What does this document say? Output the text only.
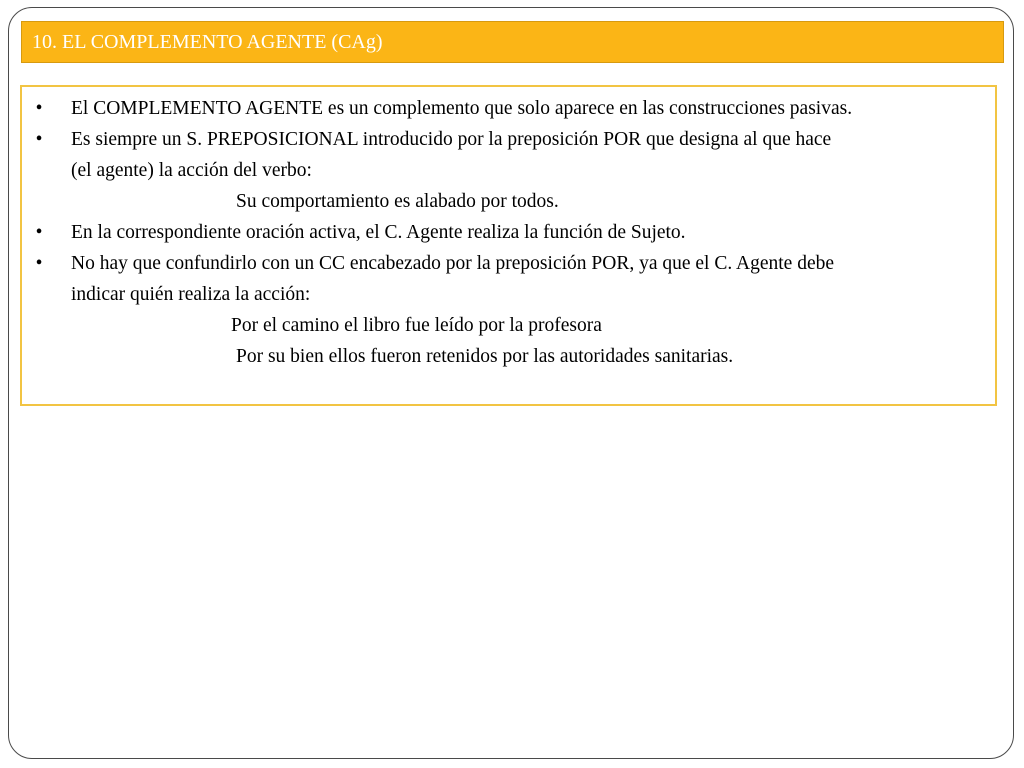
10. EL COMPLEMENTO AGENTE (CAg)
•	El COMPLEMENTO AGENTE es un complemento que solo aparece en las construcciones pasivas.
•	Es siempre un S. PREPOSICIONAL introducido por la preposición POR que designa al que hace
(el agente) la acción del verbo:
Su comportamiento es alabado por todos.
•	En la correspondiente oración activa, el C. Agente realiza la función de Sujeto.
•	No hay que confundirlo con un CC encabezado por la preposición POR, ya que el C. Agente debe
indicar quién realiza la acción:
Por el camino el libro fue leído por la profesora
Por su bien ellos fueron retenidos por las autoridades sanitarias.
